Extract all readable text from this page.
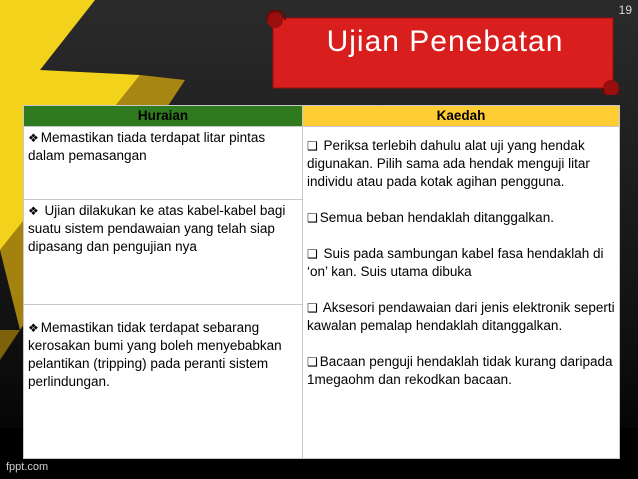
19
Ujian Penebatan
fppt.com
Huraian	Kaedah
❖ Memastikan tiada terdapat litar pintas dalam pemasangan	❑ Periksa terlebih dahulu alat uji yang hendak digunakan. Pilih sama ada hendak menguji litar individu atau pada kotak agihan pengguna.
❑ Semua beban hendaklah ditanggalkan.
❑ Suis pada sambungan kabel fasa hendaklah di ‘on’ kan. Suis utama dibuka
❑ Aksesori pendawaian dari jenis elektronik seperti kawalan pemalap hendaklah ditanggalkan.
❑ Bacaan penguji hendaklah tidak kurang daripada 1megaohm dan rekodkan bacaan.

❖ Ujian dilakukan ke atas kabel-kabel bagi suatu sistem pendawaian yang telah siap dipasang dan pengujian nya	
❖ Memastikan tidak terdapat sebarang kerosakan bumi yang boleh menyebabkan pelantikan (tripping) pada peranti sistem perlindungan.	
